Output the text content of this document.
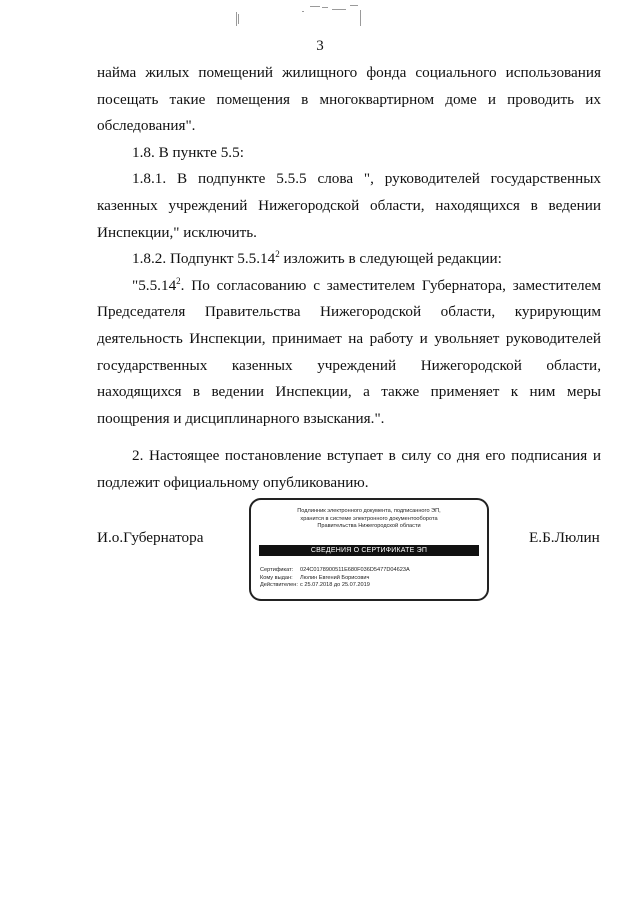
3

найма жилых помещений жилищного фонда социального использования посещать такие помещения в многоквартирном доме и проводить их обследования".

1.8. В пункте 5.5:

1.8.1. В подпункте 5.5.5 слова ", руководителей государственных казенных учреждений Нижегородской области, находящихся в ведении Инспекции," исключить.

1.8.2. Подпункт 5.5.14$^2$ изложить в следующей редакции:

"5.5.14$^2$. По согласованию с заместителем Губернатора, заместителем Председателя Правительства Нижегородской области, курирующим деятельность Инспекции, принимает на работу и увольняет руководителей государственных казенных учреждений Нижегородской области, находящихся в ведении Инспекции, а также применяет к ним меры поощрения и дисциплинарного взыскания.".

2. Настоящее постановление вступает в силу со дня его подписания и подлежит официальному опубликованию.

И.о.Губернатора
Подлинник электронного документа, подписанного ЭП,
хранится в системе электронного документооборота
Правительства Нижегородской области
СВЕДЕНИЯ О СЕРТИФИКАТЕ ЭП
Сертификат: 024C0178900511E680F036D5477D04623A
Кому выдан: Люлин Евгений Борисович
Действителен: с 25.07.2018 до 25.07.2019
Е.Б.Люлин
